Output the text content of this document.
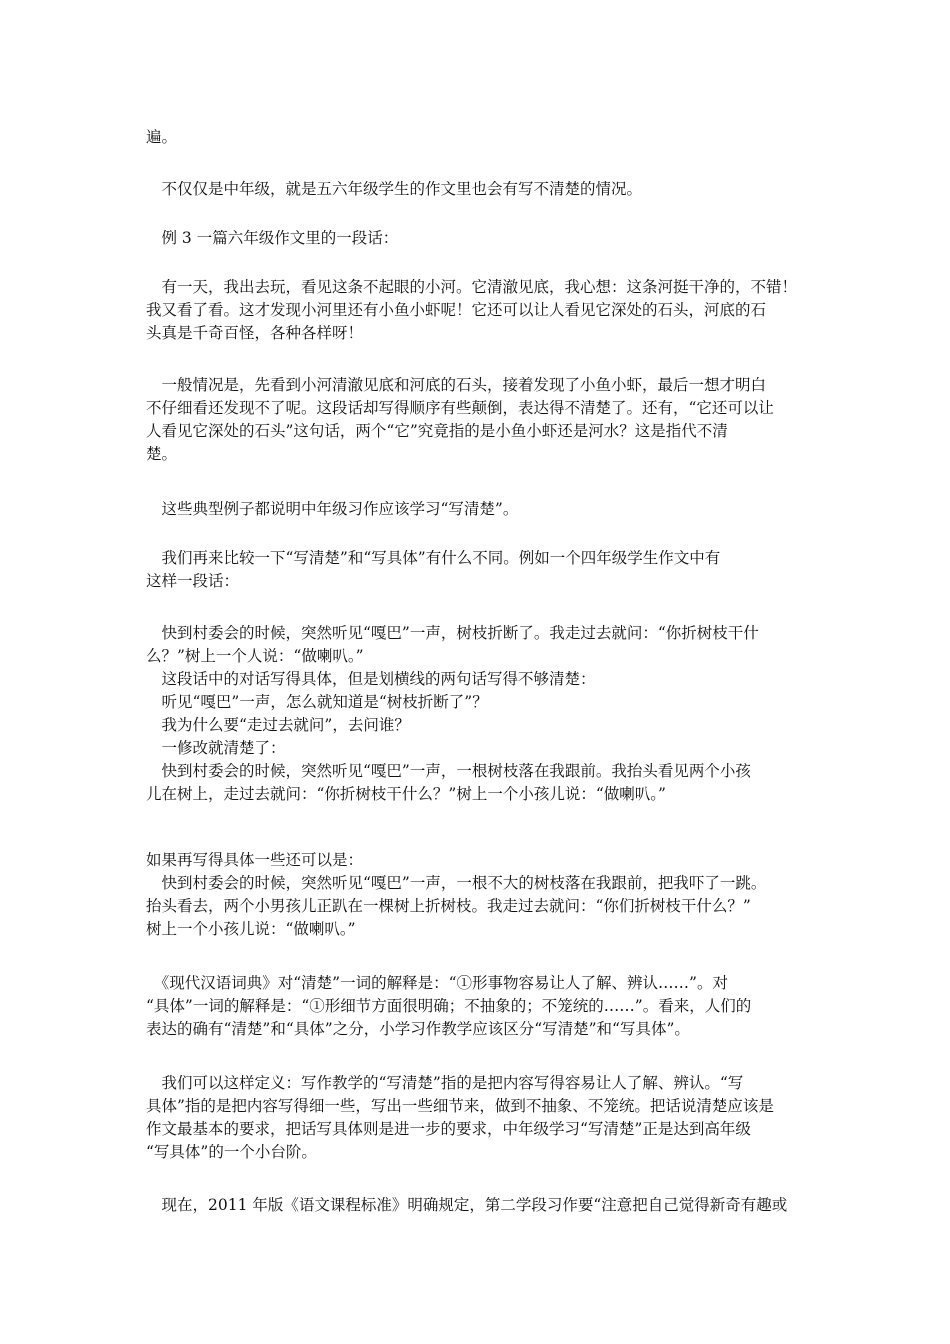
遍。
　不仅仅是中年级，就是五六年级学生的作文里也会有写不清楚的情况。
　例 3 一篇六年级作文里的一段话：
　有一天，我出去玩，看见这条不起眼的小河。它清澈见底，我心想：这条河挺干净的，不错！
我又看了看。这才发现小河里还有小鱼小虾呢！它还可以让人看见它深处的石头，河底的石
头真是千奇百怪，各种各样呀！
　一般情况是，先看到小河清澈见底和河底的石头，接着发现了小鱼小虾，最后一想才明白
不仔细看还发现不了呢。这段话却写得顺序有些颠倒，表达得不清楚了。还有，“它还可以让
人看见它深处的石头”这句话，两个“它”究竟指的是小鱼小虾还是河水？这是指代不清
楚。
　这些典型例子都说明中年级习作应该学习“写清楚”。
　我们再来比较一下“写清楚”和“写具体”有什么不同。例如一个四年级学生作文中有
这样一段话：
　快到村委会的时候，突然听见“嘎巴”一声，树枝折断了。我走过去就问：“你折树枝干什
么？”树上一个人说：“做喇叭。”
　这段话中的对话写得具体，但是划横线的两句话写得不够清楚：
　听见“嘎巴”一声，怎么就知道是“树枝折断了”？
　我为什么要“走过去就问”，去问谁？
　一修改就清楚了：
　快到村委会的时候，突然听见“嘎巴”一声，一根树枝落在我跟前。我抬头看见两个小孩
儿在树上，走过去就问：“你折树枝干什么？”树上一个小孩儿说：“做喇叭。”
如果再写得具体一些还可以是：
　快到村委会的时候，突然听见“嘎巴”一声，一根不大的树枝落在我跟前，把我吓了一跳。
抬头看去，两个小男孩儿正趴在一棵树上折树枝。我走过去就问：“你们折树枝干什么？”
树上一个小孩儿说：“做喇叭。”
　《现代汉语词典》对“清楚”一词的解释是：“①形事物容易让人了解、辨认……”。对
“具体”一词的解释是：“①形细节方面很明确；不抽象的；不笼统的……”。看来，人们的
表达的确有“清楚”和“具体”之分，小学习作教学应该区分“写清楚”和“写具体”。
　我们可以这样定义：写作教学的“写清楚”指的是把内容写得容易让人了解、辨认。“写
具体”指的是把内容写得细一些，写出一些细节来，做到不抽象、不笼统。把话说清楚应该是
作文最基本的要求，把话写具体则是进一步的要求，中年级学习“写清楚”正是达到高年级
“写具体”的一个小台阶。
　现在，2011 年版《语文课程标准》明确规定，第二学段习作要“注意把自己觉得新奇有趣或
